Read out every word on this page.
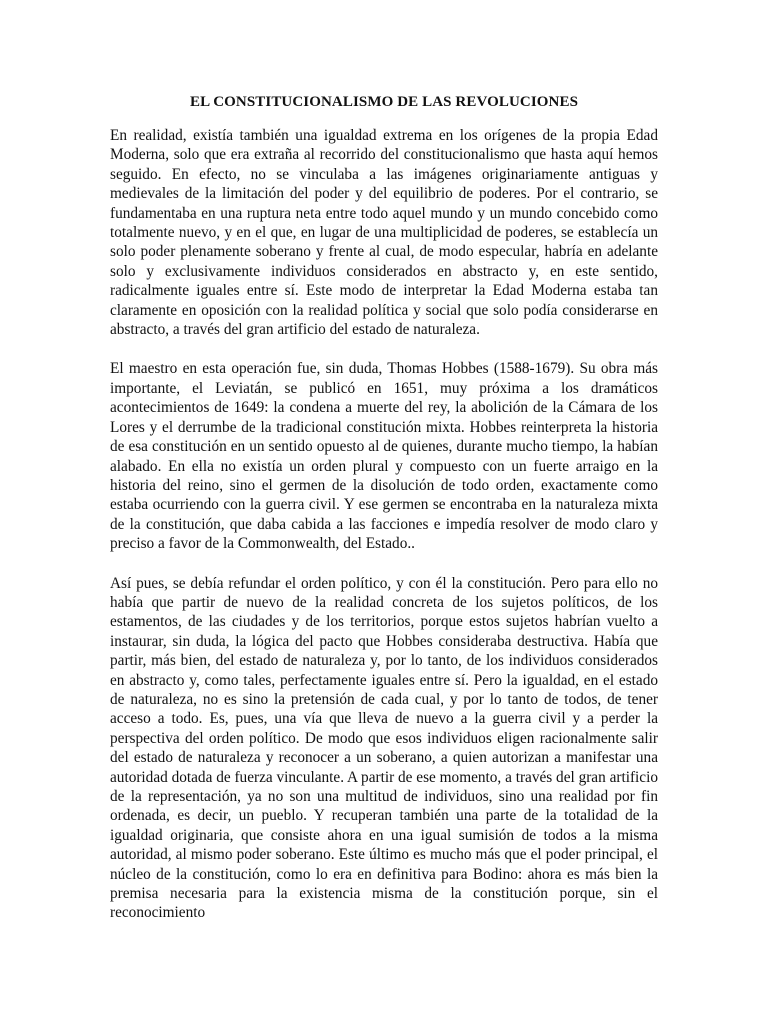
EL CONSTITUCIONALISMO DE LAS REVOLUCIONES

En realidad, existía también una igualdad extrema en los orígenes de la propia Edad Moderna, solo que era extraña al recorrido del constitucionalismo que hasta aquí hemos seguido. En efecto, no se vinculaba a las imágenes originariamente antiguas y medievales de la limitación del poder y del equilibrio de poderes. Por el contrario, se fundamentaba en una ruptura neta entre todo aquel mundo y un mundo concebido como totalmente nuevo, y en el que, en lugar de una multiplicidad de poderes, se establecía un solo poder plenamente soberano y frente al cual, de modo especular, habría en adelante solo y exclusivamente individuos considerados en abstracto y, en este sentido, radicalmente iguales entre sí. Este modo de interpretar la Edad Moderna estaba tan claramente en oposición con la realidad política y social que solo podía considerarse en abstracto, a través del gran artificio del estado de naturaleza.

El maestro en esta operación fue, sin duda, Thomas Hobbes (1588-1679). Su obra más importante, el Leviatán, se publicó en 1651, muy próxima a los dramáticos acontecimientos de 1649: la condena a muerte del rey, la abolición de la Cámara de los Lores y el derrumbe de la tradicional constitución mixta. Hobbes reinterpreta la historia de esa constitución en un sentido opuesto al de quienes, durante mucho tiempo, la habían alabado. En ella no existía un orden plural y compuesto con un fuerte arraigo en la historia del reino, sino el germen de la disolución de todo orden, exactamente como estaba ocurriendo con la guerra civil. Y ese germen se encontraba en la naturaleza mixta de la constitución, que daba cabida a las facciones e impedía resolver de modo claro y preciso a favor de la Commonwealth, del Estado..

Así pues, se debía refundar el orden político, y con él la constitución. Pero para ello no había que partir de nuevo de la realidad concreta de los sujetos políticos, de los estamentos, de las ciudades y de los territorios, porque estos sujetos habrían vuelto a instaurar, sin duda, la lógica del pacto que Hobbes consideraba destructiva. Había que partir, más bien, del estado de naturaleza y, por lo tanto, de los individuos considerados en abstracto y, como tales, perfectamente iguales entre sí. Pero la igualdad, en el estado de naturaleza, no es sino la pretensión de cada cual, y por lo tanto de todos, de tener acceso a todo. Es, pues, una vía que lleva de nuevo a la guerra civil y a perder la perspectiva del orden político. De modo que esos individuos eligen racionalmente salir del estado de naturaleza y reconocer a un soberano, a quien autorizan a manifestar una autoridad dotada de fuerza vinculante. A partir de ese momento, a través del gran artificio de la representación, ya no son una multitud de individuos, sino una realidad por fin ordenada, es decir, un pueblo. Y recuperan también una parte de la totalidad de la igualdad originaria, que consiste ahora en una igual sumisión de todos a la misma autoridad, al mismo poder soberano. Este último es mucho más que el poder principal, el núcleo de la constitución, como lo era en definitiva para Bodino: ahora es más bien la premisa necesaria para la existencia misma de la constitución porque, sin el reconocimiento
